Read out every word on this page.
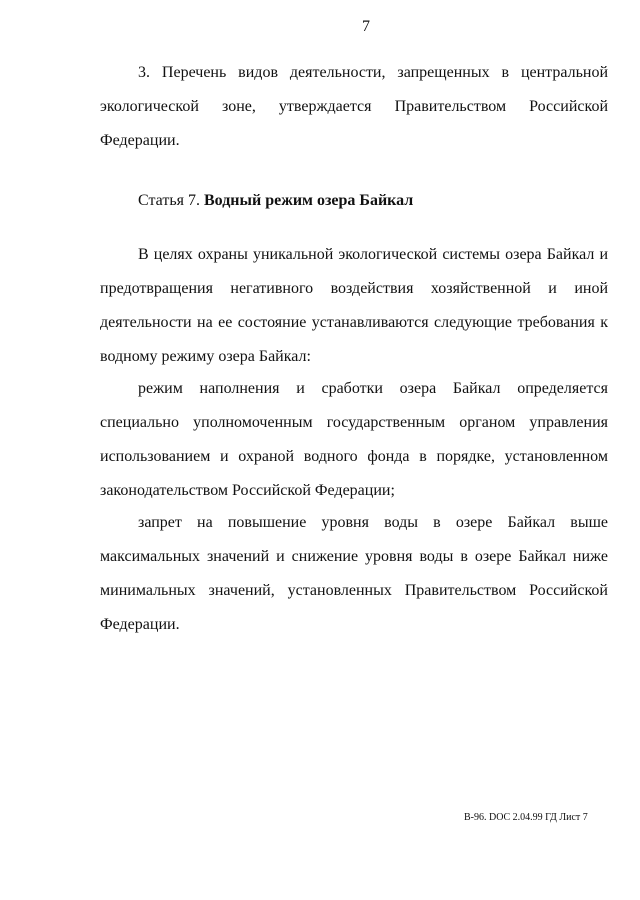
7
3. Перечень видов деятельности, запрещенных в центральной
экологической зоне, утверждается Правительством Российской
Федерации.
Статья 7. Водный режим озера Байкал
В целях охраны уникальной экологической системы озера Байкал и
предотвращения негативного воздействия хозяйственной и иной
деятельности на ее состояние устанавливаются следующие требования к
водному режиму озера Байкал:
режим наполнения и сработки озера Байкал определяется
специально уполномоченным государственным органом управления
использованием и охраной водного фонда в порядке, установленном
законодательством Российской Федерации;
запрет на повышение уровня воды в озере Байкал выше
максимальных значений и снижение уровня воды в озере Байкал ниже
минимальных значений, установленных Правительством Российской
Федерации.
В-96. DOC 2.04.99 ГД Лист 7
